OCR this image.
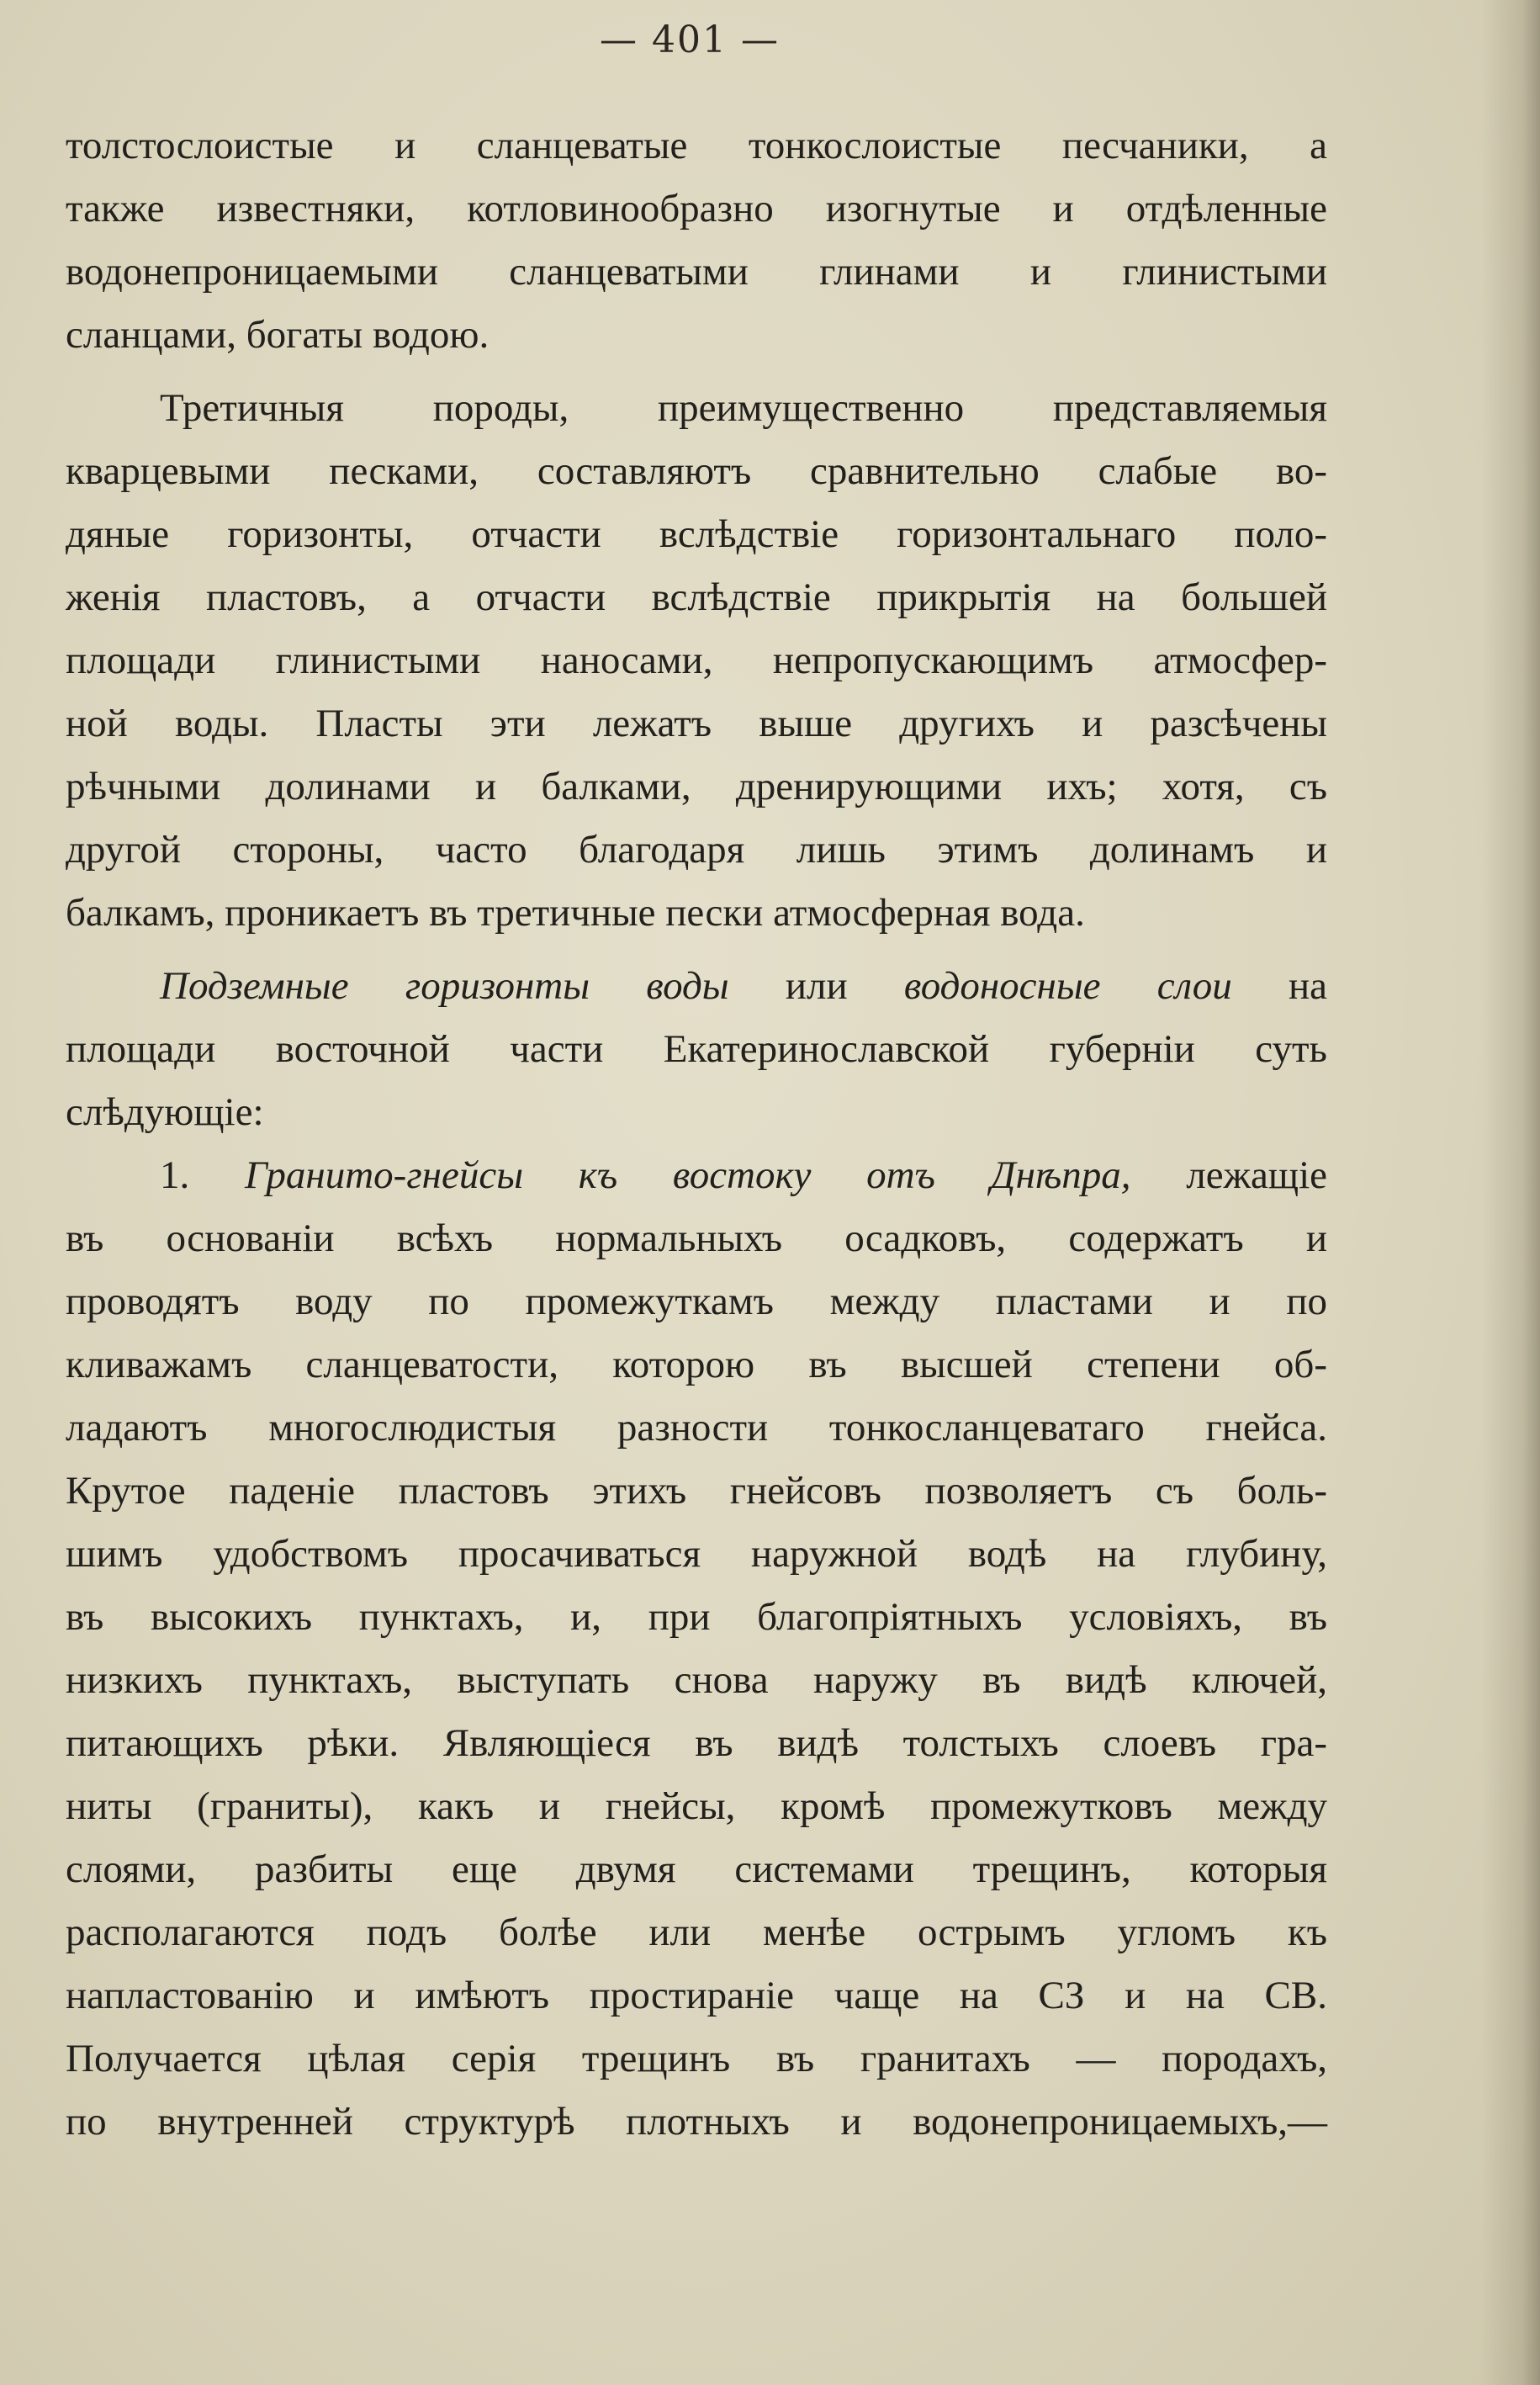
— 401 —
толстослоистые и сланцеватые тонкослоистые песчаники, а
также известняки, котловинообразно изогнутые и отдѣленные
водонепроницаемыми сланцеватыми глинами и глинистыми
сланцами, богаты водою.
Третичныя породы, преимущественно представляемыя
кварцевыми песками, составляютъ сравнительно слабые во-
дяные горизонты, отчасти вслѣдствіе горизонтальнаго поло-
женія пластовъ, а отчасти вслѣдствіе прикрытія на большей
площади глинистыми наносами, непропускающимъ атмосфер-
ной воды. Пласты эти лежатъ выше другихъ и разсѣчены
рѣчными долинами и балками, дренирующими ихъ; хотя, съ
другой стороны, часто благодаря лишь этимъ долинамъ и
балкамъ, проникаетъ въ третичные пески атмосферная вода.
Подземные горизонты воды или водоносные слои на
площади восточной части Екатеринославской губерніи суть
слѣдующіе:
1. Гранито-гнейсы къ востоку отъ Днѣпра, лежащіе
въ основаніи всѣхъ нормальныхъ осадковъ, содержатъ и
проводятъ воду по промежуткамъ между пластами и по
кливажамъ сланцеватости, которою въ высшей степени об-
ладаютъ многослюдистыя разности тонкосланцеватаго гнейса.
Крутое паденіе пластовъ этихъ гнейсовъ позволяетъ съ боль-
шимъ удобствомъ просачиваться наружной водѣ на глубину,
въ высокихъ пунктахъ, и, при благопріятныхъ условіяхъ, въ
низкихъ пунктахъ, выступать снова наружу въ видѣ ключей,
питающихъ рѣки. Являющіеся въ видѣ толстыхъ слоевъ гра-
ниты (граниты), какъ и гнейсы, кромѣ промежутковъ между
слоями, разбиты еще двумя системами трещинъ, которыя
располагаются подъ болѣе или менѣе острымъ угломъ къ
напластованію и имѣютъ простираніе чаще на СЗ и на СВ.
Получается цѣлая серія трещинъ въ гранитахъ — породахъ,
по внутренней структурѣ плотныхъ и водонепроницаемыхъ,—
